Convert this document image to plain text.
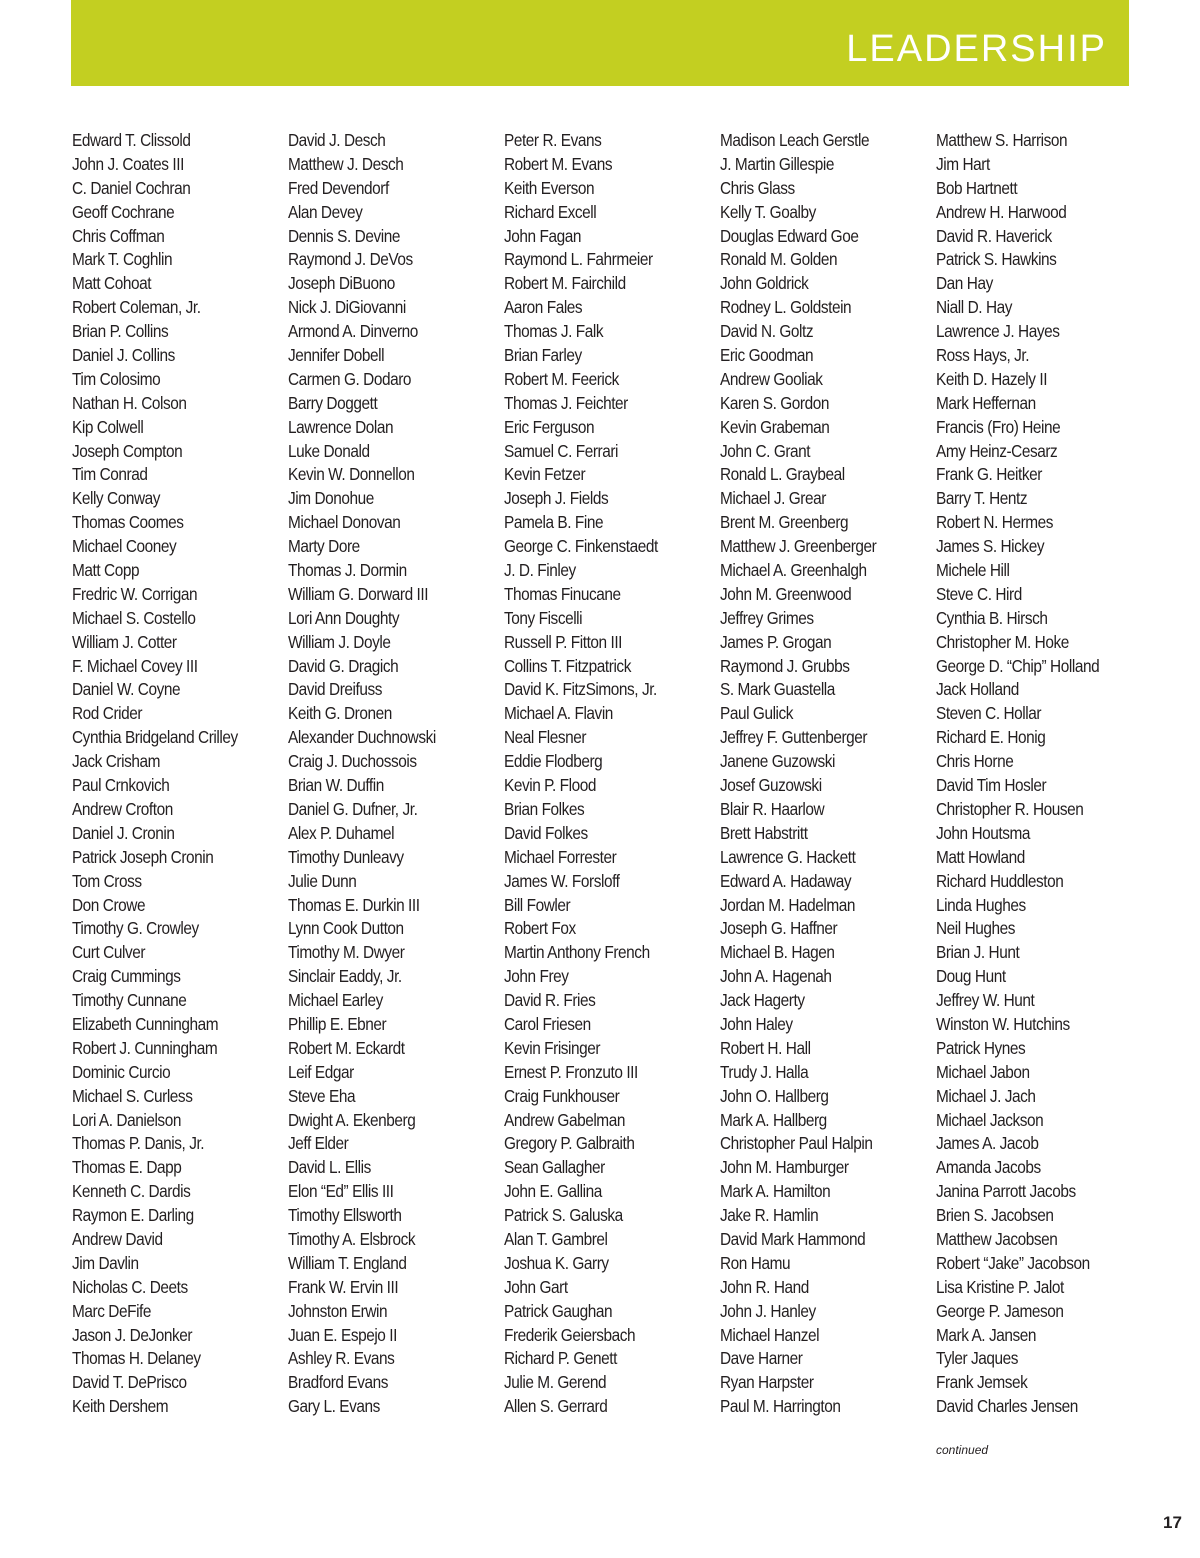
LEADERSHIP
Edward T. Clissold
John J. Coates III
C. Daniel Cochran
Geoff Cochrane
Chris Coffman
Mark T. Coghlin
Matt Cohoat
Robert Coleman, Jr.
Brian P. Collins
Daniel J. Collins
Tim Colosimo
Nathan H. Colson
Kip Colwell
Joseph Compton
Tim Conrad
Kelly Conway
Thomas Coomes
Michael Cooney
Matt Copp
Fredric W. Corrigan
Michael S. Costello
William J. Cotter
F. Michael Covey III
Daniel W. Coyne
Rod Crider
Cynthia Bridgeland Crilley
Jack Crisham
Paul Crnkovich
Andrew Crofton
Daniel J. Cronin
Patrick Joseph Cronin
Tom Cross
Don Crowe
Timothy G. Crowley
Curt Culver
Craig Cummings
Timothy Cunnane
Elizabeth Cunningham
Robert J. Cunningham
Dominic Curcio
Michael S. Curless
Lori A. Danielson
Thomas P. Danis, Jr.
Thomas E. Dapp
Kenneth C. Dardis
Raymon E. Darling
Andrew David
Jim Davlin
Nicholas C. Deets
Marc DeFife
Jason J. DeJonker
Thomas H. Delaney
David T. DePrisco
Keith Dershem
David J. Desch
Matthew J. Desch
Fred Devendorf
Alan Devey
Dennis S. Devine
Raymond J. DeVos
Joseph DiBuono
Nick J. DiGiovanni
Armond A. Dinverno
Jennifer Dobell
Carmen G. Dodaro
Barry Doggett
Lawrence Dolan
Luke Donald
Kevin W. Donnellon
Jim Donohue
Michael Donovan
Marty Dore
Thomas J. Dormin
William G. Dorward III
Lori Ann Doughty
William J. Doyle
David G. Dragich
David Dreifuss
Keith G. Dronen
Alexander Duchnowski
Craig J. Duchossois
Brian W. Duffin
Daniel G. Dufner, Jr.
Alex P. Duhamel
Timothy Dunleavy
Julie Dunn
Thomas E. Durkin III
Lynn Cook Dutton
Timothy M. Dwyer
Sinclair Eaddy, Jr.
Michael Earley
Phillip E. Ebner
Robert M. Eckardt
Leif Edgar
Steve Eha
Dwight A. Ekenberg
Jeff Elder
David L. Ellis
Elon “Ed” Ellis III
Timothy Ellsworth
Timothy A. Elsbrock
William T. England
Frank W. Ervin III
Johnston Erwin
Juan E. Espejo II
Ashley R. Evans
Bradford Evans
Gary L. Evans
Peter R. Evans
Robert M. Evans
Keith Everson
Richard Excell
John Fagan
Raymond L. Fahrmeier
Robert M. Fairchild
Aaron Fales
Thomas J. Falk
Brian Farley
Robert M. Feerick
Thomas J. Feichter
Eric Ferguson
Samuel C. Ferrari
Kevin Fetzer
Joseph J. Fields
Pamela B. Fine
George C. Finkenstaedt
J. D. Finley
Thomas Finucane
Tony Fiscelli
Russell P. Fitton III
Collins T. Fitzpatrick
David K. FitzSimons, Jr.
Michael A. Flavin
Neal Flesner
Eddie Flodberg
Kevin P. Flood
Brian Folkes
David Folkes
Michael Forrester
James W. Forsloff
Bill Fowler
Robert Fox
Martin Anthony French
John Frey
David R. Fries
Carol Friesen
Kevin Frisinger
Ernest P. Fronzuto III
Craig Funkhouser
Andrew Gabelman
Gregory P. Galbraith
Sean Gallagher
John E. Gallina
Patrick S. Galuska
Alan T. Gambrel
Joshua K. Garry
John Gart
Patrick Gaughan
Frederik Geiersbach
Richard P. Genett
Julie M. Gerend
Allen S. Gerrard
Madison Leach Gerstle
J. Martin Gillespie
Chris Glass
Kelly T. Goalby
Douglas Edward Goe
Ronald M. Golden
John Goldrick
Rodney L. Goldstein
David N. Goltz
Eric Goodman
Andrew Gooliak
Karen S. Gordon
Kevin Grabeman
John C. Grant
Ronald L. Graybeal
Michael J. Grear
Brent M. Greenberg
Matthew J. Greenberger
Michael A. Greenhalgh
John M. Greenwood
Jeffrey Grimes
James P. Grogan
Raymond J. Grubbs
S. Mark Guastella
Paul Gulick
Jeffrey F. Guttenberger
Janene Guzowski
Josef Guzowski
Blair R. Haarlow
Brett Habstritt
Lawrence G. Hackett
Edward A. Hadaway
Jordan M. Hadelman
Joseph G. Haffner
Michael B. Hagen
John A. Hagenah
Jack Hagerty
John Haley
Robert H. Hall
Trudy J. Halla
John O. Hallberg
Mark A. Hallberg
Christopher Paul Halpin
John M. Hamburger
Mark A. Hamilton
Jake R. Hamlin
David Mark Hammond
Ron Hamu
John R. Hand
John J. Hanley
Michael Hanzel
Dave Harner
Ryan Harpster
Paul M. Harrington
Matthew S. Harrison
Jim Hart
Bob Hartnett
Andrew H. Harwood
David R. Haverick
Patrick S. Hawkins
Dan Hay
Niall D. Hay
Lawrence J. Hayes
Ross Hays, Jr.
Keith D. Hazely II
Mark Heffernan
Francis (Fro) Heine
Amy Heinz-Cesarz
Frank G. Heitker
Barry T. Hentz
Robert N. Hermes
James S. Hickey
Michele Hill
Steve C. Hird
Cynthia B. Hirsch
Christopher M. Hoke
George D. “Chip” Holland
Jack Holland
Steven C. Hollar
Richard E. Honig
Chris Horne
David Tim Hosler
Christopher R. Housen
John Houtsma
Matt Howland
Richard Huddleston
Linda Hughes
Neil Hughes
Brian J. Hunt
Doug Hunt
Jeffrey W. Hunt
Winston W. Hutchins
Patrick Hynes
Michael Jabon
Michael J. Jach
Michael Jackson
James A. Jacob
Amanda Jacobs
Janina Parrott Jacobs
Brien S. Jacobsen
Matthew Jacobsen
Robert “Jake” Jacobson
Lisa Kristine P. Jalot
George P. Jameson
Mark A. Jansen
Tyler Jaques
Frank Jemsek
David Charles Jensen
continued
17
